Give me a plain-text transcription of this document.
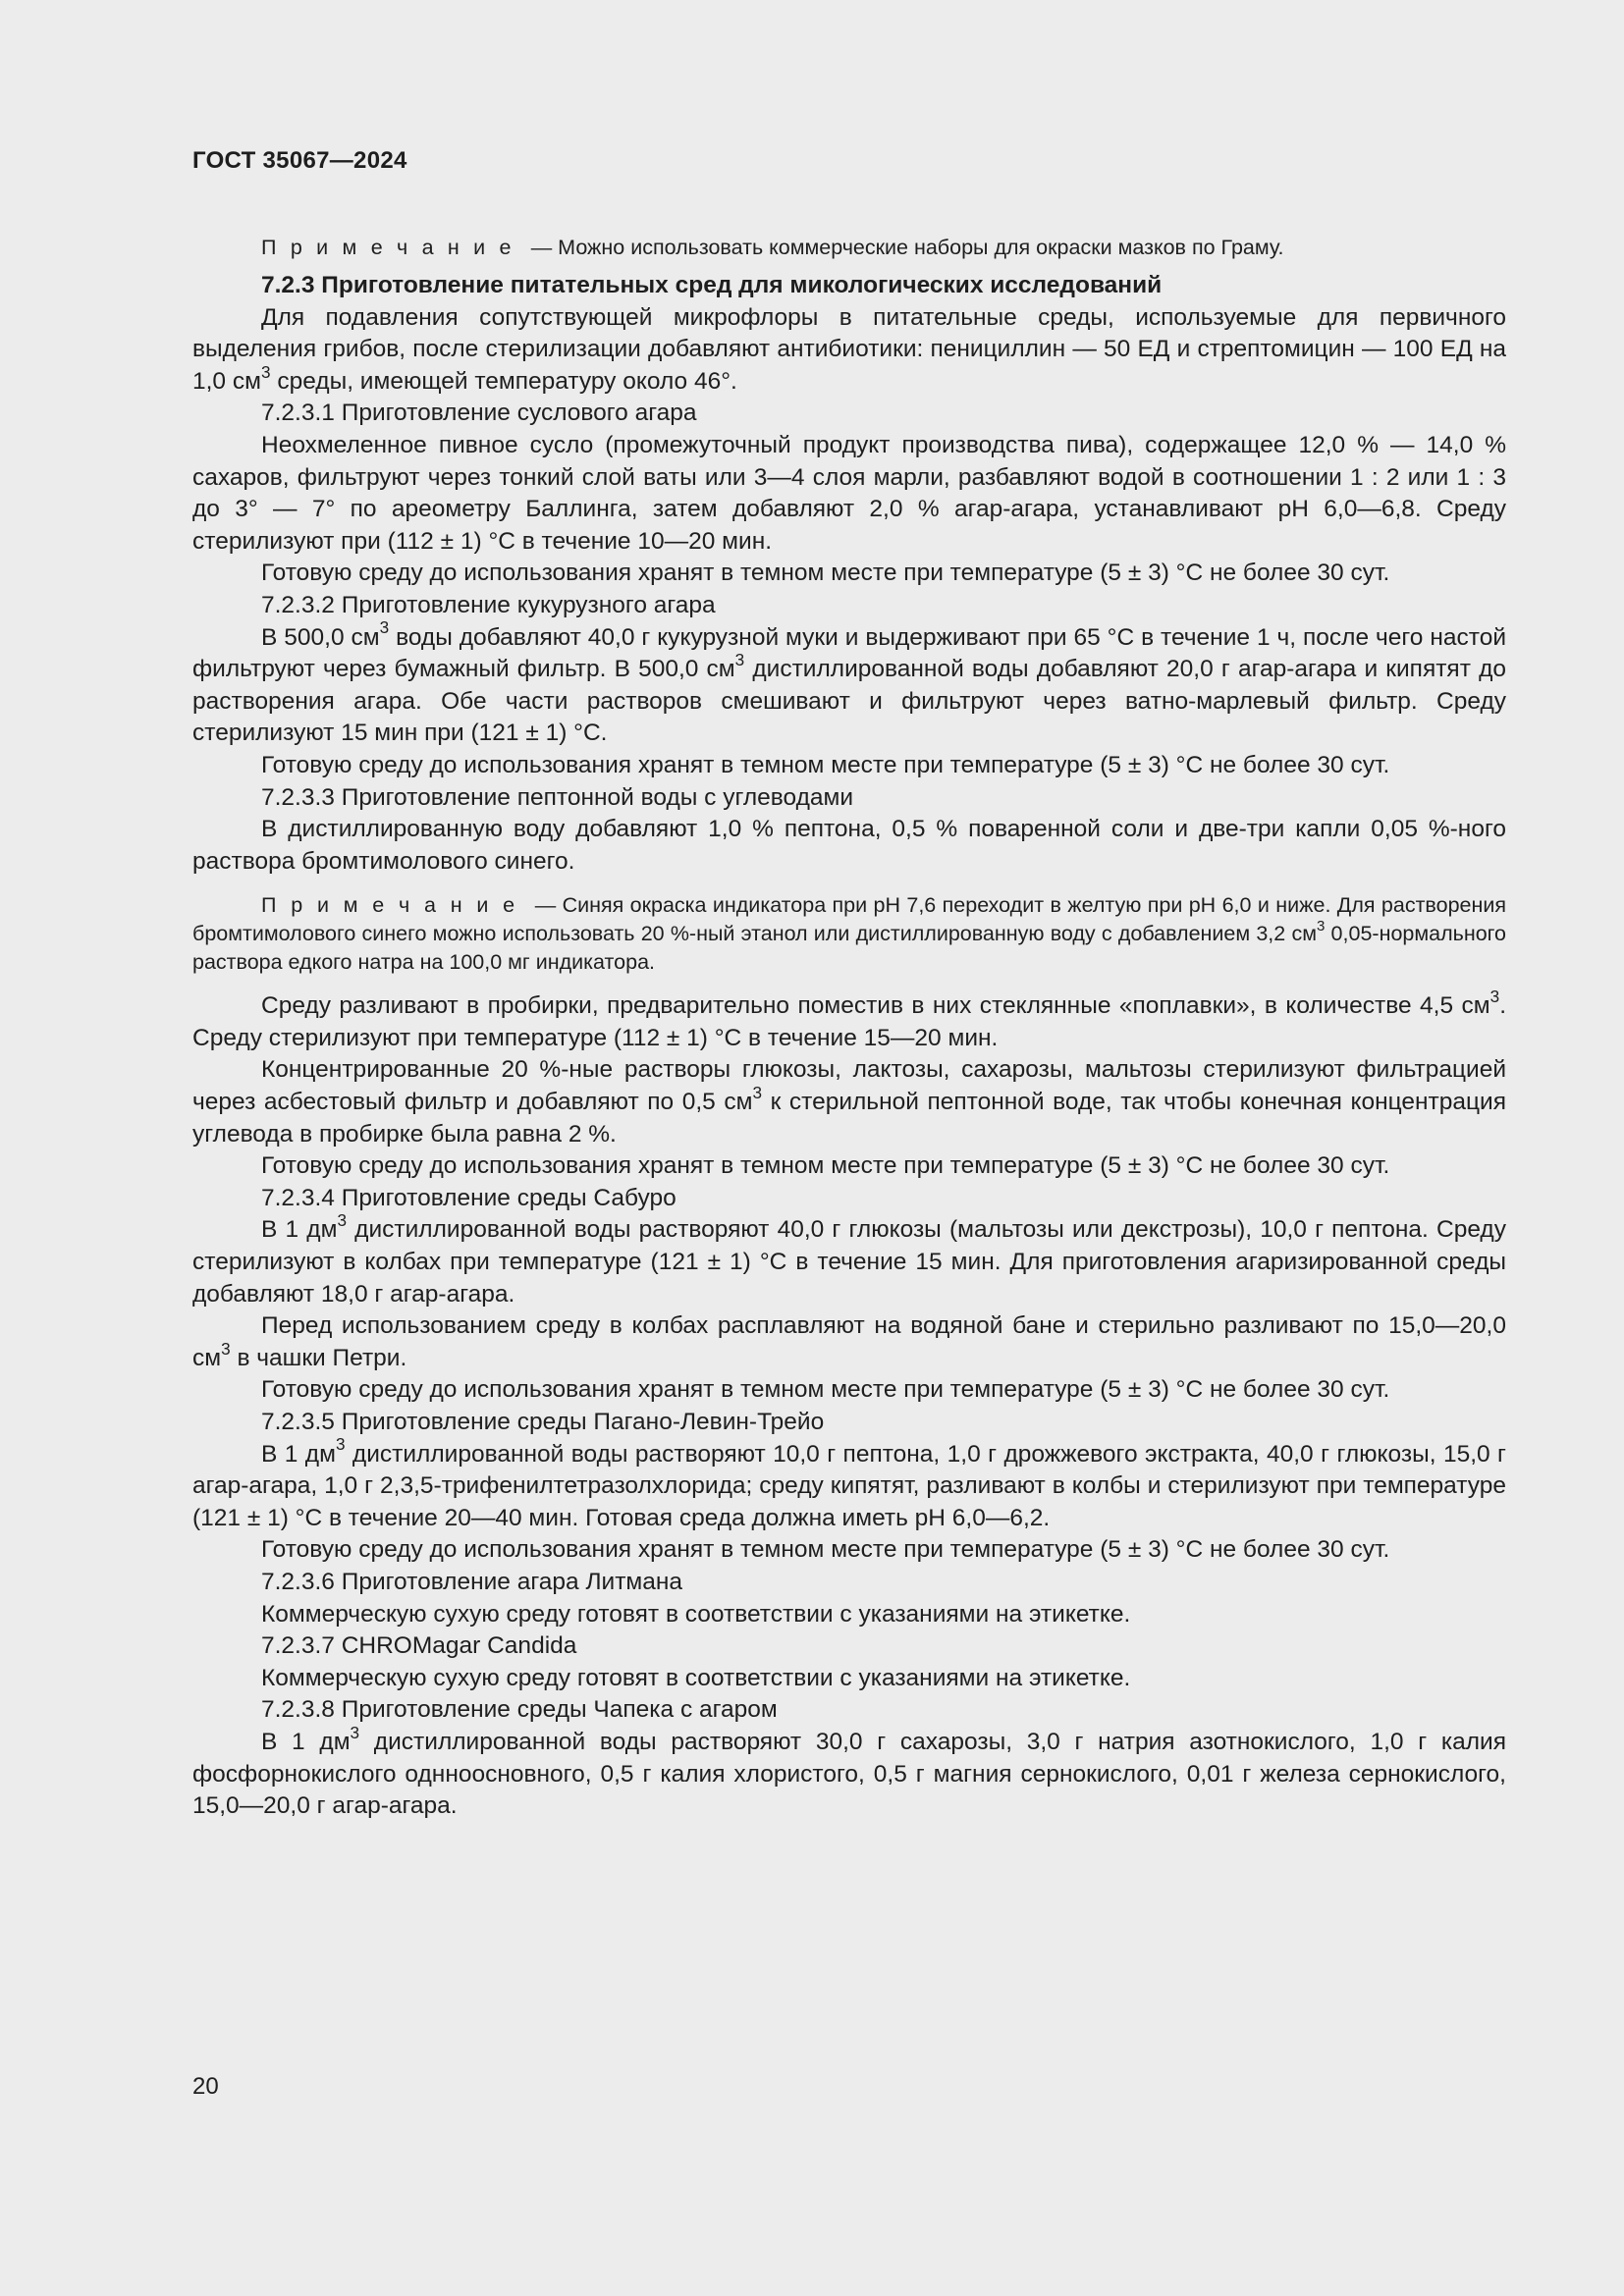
ГОСТ 35067—2024

П р и м е ч а н и е — Можно использовать коммерческие наборы для окраски мазков по Граму.

7.2.3 Приготовление питательных сред для микологических исследований

Для подавления сопутствующей микрофлоры в питательные среды, используемые для первичного выделения грибов, после стерилизации добавляют антибиотики: пенициллин — 50 ЕД и стрептомицин — 100 ЕД на 1,0 $см^3$ среды, имеющей температуру около 46°.

7.2.3.1 Приготовление суслового агара

Неохмеленное пивное сусло (промежуточный продукт производства пива), содержащее 12,0 % — 14,0 % сахаров, фильтруют через тонкий слой ваты или 3—4 слоя марли, разбавляют водой в соотношении 1 : 2 или 1 : 3 до 3° — 7° по ареометру Баллинга, затем добавляют 2,0 % агар-агара, устанавливают pH 6,0—6,8. Среду стерилизуют при (112 ± 1) °С в течение 10—20 мин.

Готовую среду до использования хранят в темном месте при температуре (5 ± 3) °С не более 30 сут.

7.2.3.2 Приготовление кукурузного агара

В 500,0 $см^3$ воды добавляют 40,0 г кукурузной муки и выдерживают при 65 °С в течение 1 ч, после чего настой фильтруют через бумажный фильтр. В 500,0 $см^3$ дистиллированной воды добавляют 20,0 г агар-агара и кипятят до растворения агара. Обе части растворов смешивают и фильтруют через ватно-марлевый фильтр. Среду стерилизуют 15 мин при (121 ± 1) °С.

Готовую среду до использования хранят в темном месте при температуре (5 ± 3) °С не более 30 сут.

7.2.3.3 Приготовление пептонной воды с углеводами

В дистиллированную воду добавляют 1,0 % пептона, 0,5 % поваренной соли и две-три капли 0,05 %-ного раствора бромтимолового синего.

П р и м е ч а н и е — Синяя окраска индикатора при pH 7,6 переходит в желтую при pH 6,0 и ниже. Для растворения бромтимолового синего можно использовать 20 %-ный этанол или дистиллированную воду с добавлением 3,2 $см^3$ 0,05-нормального раствора едкого натра на 100,0 мг индикатора.

Среду разливают в пробирки, предварительно поместив в них стеклянные «поплавки», в количестве 4,5 $см^3$. Среду стерилизуют при температуре (112 ± 1) °С в течение 15—20 мин.

Концентрированные 20 %-ные растворы глюкозы, лактозы, сахарозы, мальтозы стерилизуют фильтрацией через асбестовый фильтр и добавляют по 0,5 $см^3$ к стерильной пептонной воде, так чтобы конечная концентрация углевода в пробирке была равна 2 %.

Готовую среду до использования хранят в темном месте при температуре (5 ± 3) °С не более 30 сут.

7.2.3.4 Приготовление среды Сабуро

В 1 $дм^3$ дистиллированной воды растворяют 40,0 г глюкозы (мальтозы или декстрозы), 10,0 г пептона. Среду стерилизуют в колбах при температуре (121 ± 1) °С в течение 15 мин. Для приготовления агаризированной среды добавляют 18,0 г агар-агара.

Перед использованием среду в колбах расплавляют на водяной бане и стерильно разливают по 15,0—20,0 $см^3$ в чашки Петри.

Готовую среду до использования хранят в темном месте при температуре (5 ± 3) °С не более 30 сут.

7.2.3.5 Приготовление среды Пагано-Левин-Трейо

В 1 $дм^3$ дистиллированной воды растворяют 10,0 г пептона, 1,0 г дрожжевого экстракта, 40,0 г глюкозы, 15,0 г агар-агара, 1,0 г 2,3,5-трифенилтетразолхлорида; среду кипятят, разливают в колбы и стерилизуют при температуре (121 ± 1) °С в течение 20—40 мин. Готовая среда должна иметь pH 6,0—6,2.

Готовую среду до использования хранят в темном месте при температуре (5 ± 3) °С не более 30 сут.

7.2.3.6 Приготовление агара Литмана

Коммерческую сухую среду готовят в соответствии с указаниями на этикетке.

7.2.3.7 CHROMagar Candida

Коммерческую сухую среду готовят в соответствии с указаниями на этикетке.

7.2.3.8 Приготовление среды Чапека с агаром

В 1 $дм^3$ дистиллированной воды растворяют 30,0 г сахарозы, 3,0 г натрия азотнокислого, 1,0 г калия фосфорнокислого однноосновного, 0,5 г калия хлористого, 0,5 г магния сернокислого, 0,01 г железа сернокислого, 15,0—20,0 г агар-агара.

20
